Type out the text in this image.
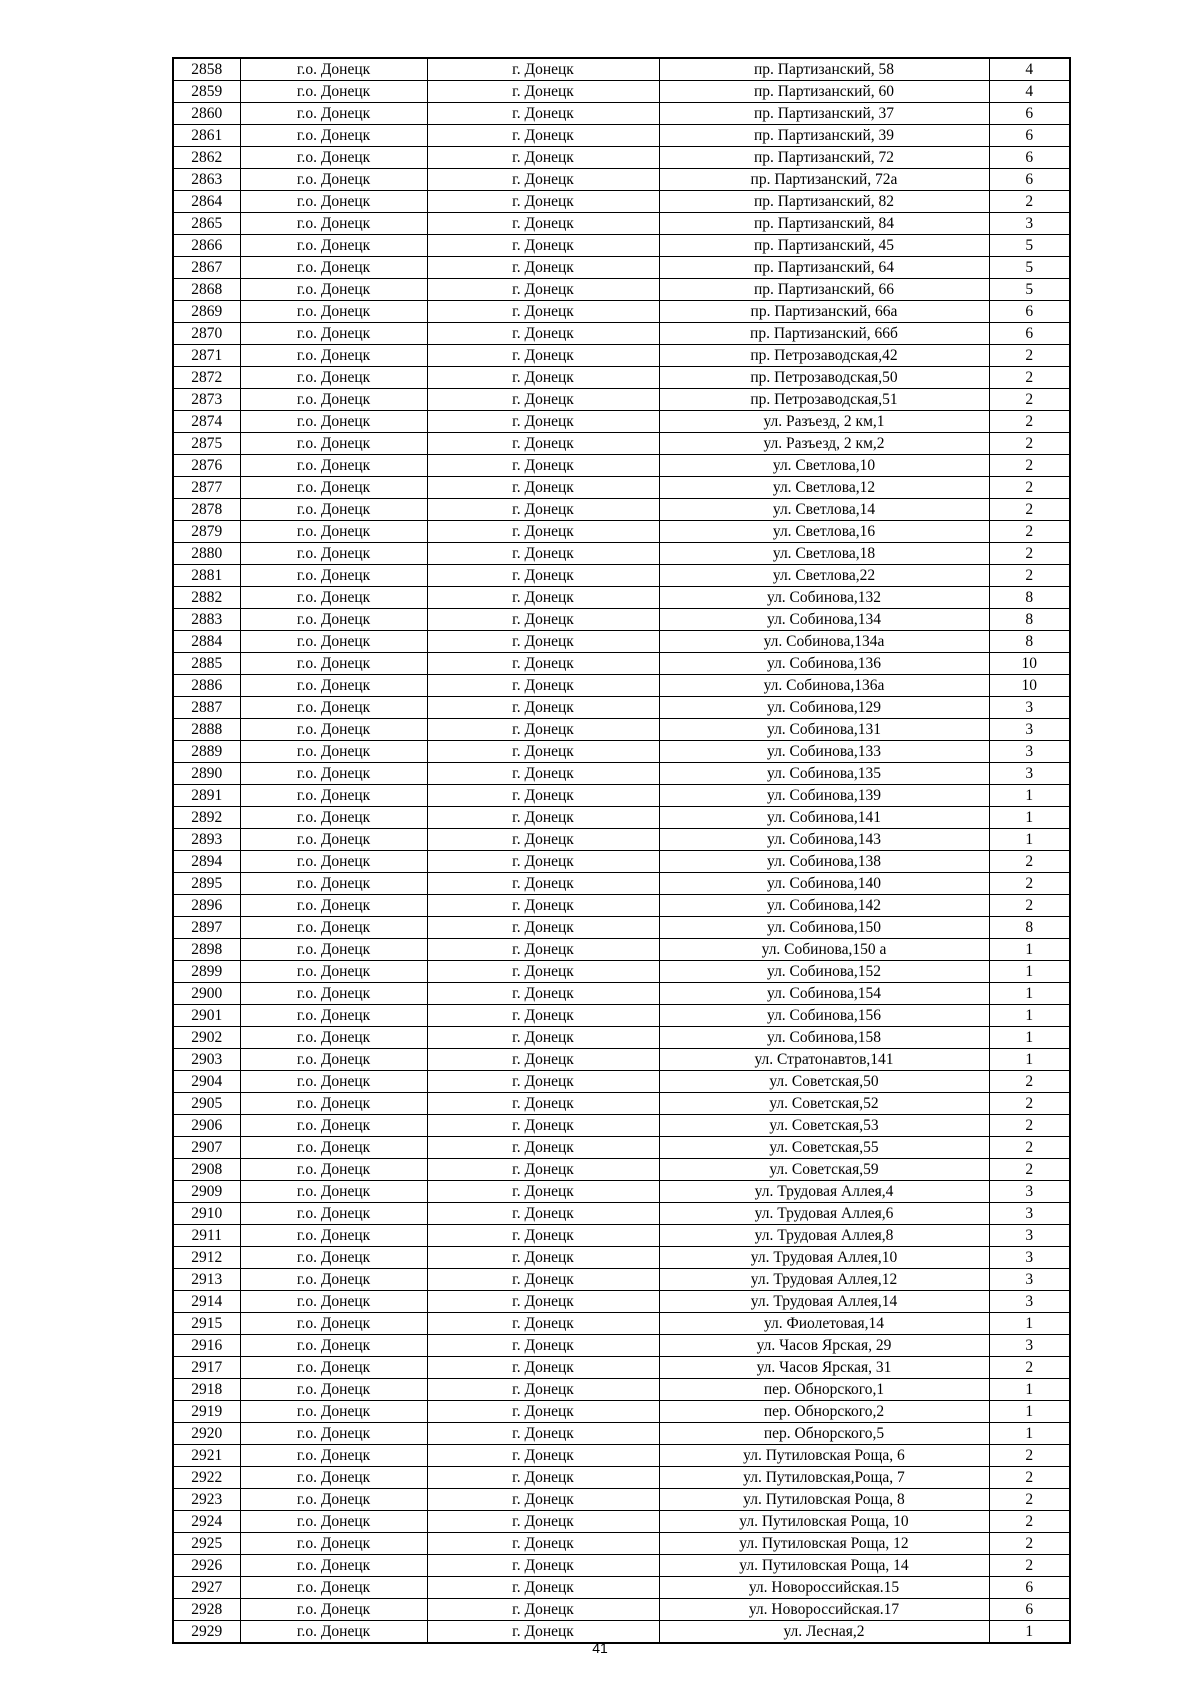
2858	г.о. Донецк	г. Донецк	пр. Партизанский, 58	4
2859	г.о. Донецк	г. Донецк	пр. Партизанский, 60	4
2860	г.о. Донецк	г. Донецк	пр. Партизанский, 37	6
2861	г.о. Донецк	г. Донецк	пр. Партизанский, 39	6
2862	г.о. Донецк	г. Донецк	пр. Партизанский, 72	6
2863	г.о. Донецк	г. Донецк	пр. Партизанский, 72а	6
2864	г.о. Донецк	г. Донецк	пр. Партизанский, 82	2
2865	г.о. Донецк	г. Донецк	пр. Партизанский, 84	3
2866	г.о. Донецк	г. Донецк	пр. Партизанский, 45	5
2867	г.о. Донецк	г. Донецк	пр. Партизанский, 64	5
2868	г.о. Донецк	г. Донецк	пр. Партизанский, 66	5
2869	г.о. Донецк	г. Донецк	пр. Партизанский, 66а	6
2870	г.о. Донецк	г. Донецк	пр. Партизанский, 66б	6
2871	г.о. Донецк	г. Донецк	пр. Петрозаводская,42	2
2872	г.о. Донецк	г. Донецк	пр. Петрозаводская,50	2
2873	г.о. Донецк	г. Донецк	пр. Петрозаводская,51	2
2874	г.о. Донецк	г. Донецк	ул. Разъезд, 2 км,1	2
2875	г.о. Донецк	г. Донецк	ул. Разъезд, 2 км,2	2
2876	г.о. Донецк	г. Донецк	ул. Светлова,10	2
2877	г.о. Донецк	г. Донецк	ул. Светлова,12	2
2878	г.о. Донецк	г. Донецк	ул. Светлова,14	2
2879	г.о. Донецк	г. Донецк	ул. Светлова,16	2
2880	г.о. Донецк	г. Донецк	ул. Светлова,18	2
2881	г.о. Донецк	г. Донецк	ул. Светлова,22	2
2882	г.о. Донецк	г. Донецк	ул. Собинова,132	8
2883	г.о. Донецк	г. Донецк	ул. Собинова,134	8
2884	г.о. Донецк	г. Донецк	ул. Собинова,134а	8
2885	г.о. Донецк	г. Донецк	ул. Собинова,136	10
2886	г.о. Донецк	г. Донецк	ул. Собинова,136а	10
2887	г.о. Донецк	г. Донецк	ул. Собинова,129	3
2888	г.о. Донецк	г. Донецк	ул. Собинова,131	3
2889	г.о. Донецк	г. Донецк	ул. Собинова,133	3
2890	г.о. Донецк	г. Донецк	ул. Собинова,135	3
2891	г.о. Донецк	г. Донецк	ул. Собинова,139	1
2892	г.о. Донецк	г. Донецк	ул. Собинова,141	1
2893	г.о. Донецк	г. Донецк	ул. Собинова,143	1
2894	г.о. Донецк	г. Донецк	ул. Собинова,138	2
2895	г.о. Донецк	г. Донецк	ул. Собинова,140	2
2896	г.о. Донецк	г. Донецк	ул. Собинова,142	2
2897	г.о. Донецк	г. Донецк	ул. Собинова,150	8
2898	г.о. Донецк	г. Донецк	ул. Собинова,150 а	1
2899	г.о. Донецк	г. Донецк	ул. Собинова,152	1
2900	г.о. Донецк	г. Донецк	ул. Собинова,154	1
2901	г.о. Донецк	г. Донецк	ул. Собинова,156	1
2902	г.о. Донецк	г. Донецк	ул. Собинова,158	1
2903	г.о. Донецк	г. Донецк	ул. Стратонавтов,141	1
2904	г.о. Донецк	г. Донецк	ул. Советская,50	2
2905	г.о. Донецк	г. Донецк	ул. Советская,52	2
2906	г.о. Донецк	г. Донецк	ул. Советская,53	2
2907	г.о. Донецк	г. Донецк	ул. Советская,55	2
2908	г.о. Донецк	г. Донецк	ул. Советская,59	2
2909	г.о. Донецк	г. Донецк	ул. Трудовая Аллея,4	3
2910	г.о. Донецк	г. Донецк	ул. Трудовая Аллея,6	3
2911	г.о. Донецк	г. Донецк	ул. Трудовая Аллея,8	3
2912	г.о. Донецк	г. Донецк	ул. Трудовая Аллея,10	3
2913	г.о. Донецк	г. Донецк	ул. Трудовая Аллея,12	3
2914	г.о. Донецк	г. Донецк	ул. Трудовая Аллея,14	3
2915	г.о. Донецк	г. Донецк	ул. Фиолетовая,14	1
2916	г.о. Донецк	г. Донецк	ул. Часов Ярская, 29	3
2917	г.о. Донецк	г. Донецк	ул. Часов Ярская, 31	2
2918	г.о. Донецк	г. Донецк	пер. Обнорского,1	1
2919	г.о. Донецк	г. Донецк	пер. Обнорского,2	1
2920	г.о. Донецк	г. Донецк	пер. Обнорского,5	1
2921	г.о. Донецк	г. Донецк	ул. Путиловская Роща, 6	2
2922	г.о. Донецк	г. Донецк	ул. Путиловская,Роща, 7	2
2923	г.о. Донецк	г. Донецк	ул. Путиловская Роща, 8	2
2924	г.о. Донецк	г. Донецк	ул. Путиловская Роща, 10	2
2925	г.о. Донецк	г. Донецк	ул. Путиловская Роща, 12	2
2926	г.о. Донецк	г. Донецк	ул. Путиловская Роща, 14	2
2927	г.о. Донецк	г. Донецк	ул. Новороссийская.15	6
2928	г.о. Донецк	г. Донецк	ул. Новороссийская.17	6
2929	г.о. Донецк	г. Донецк	ул. Лесная,2	1
41
